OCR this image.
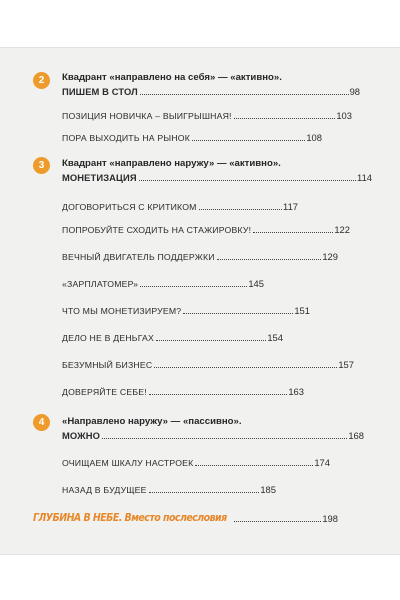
2 Квадрант «направлено на себя» — «активно».
ПИШЕМ В СТОЛ	98
ПОЗИЦИЯ НОВИЧКА – ВЫИГРЫШНАЯ!	103
ПОРА ВЫХОДИТЬ НА РЫНОК	108
3 Квадрант «направлено наружу» — «активно».
МОНЕТИЗАЦИЯ	114
ДОГОВОРИТЬСЯ С КРИТИКОМ	117
ПОПРОБУЙТЕ СХОДИТЬ НА СТАЖИРОВКУ!	122
ВЕЧНЫЙ ДВИГАТЕЛЬ ПОДДЕРЖКИ	129
«ЗАРПЛАТОМЕР»	145
ЧТО МЫ МОНЕТИЗИРУЕМ?	151
ДЕЛО НЕ В ДЕНЬГАХ	154
БЕЗУМНЫЙ БИЗНЕС	157
ДОВЕРЯЙТЕ СЕБЕ!	163
4 «Направлено наружу» — «пассивно».
МОЖНО	168
ОЧИЩАЕМ ШКАЛУ НАСТРОЕК	174
НАЗАД В БУДУЩЕЕ	185
ГЛУБИНА В НЕБЕ. Вместо послесловия	198
